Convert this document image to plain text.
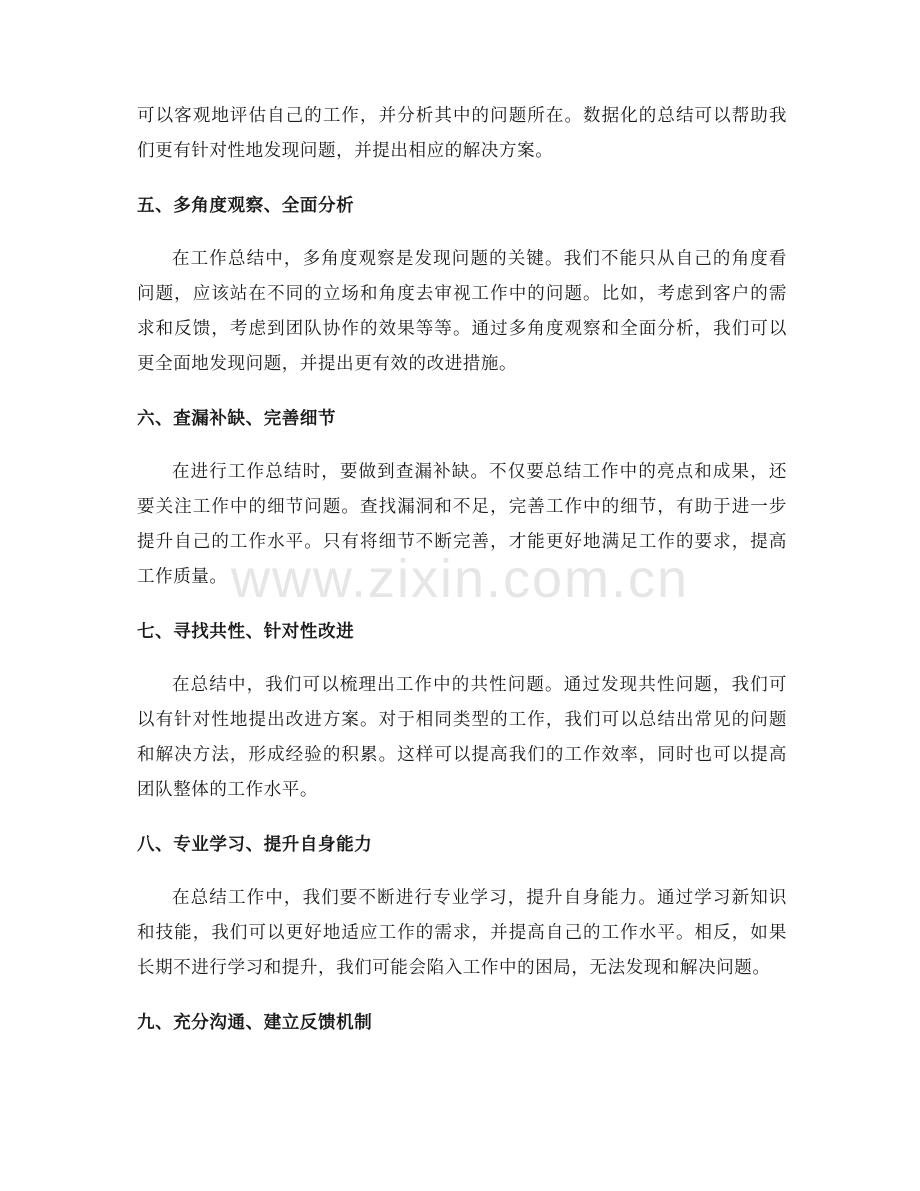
可以客观地评估自己的工作，并分析其中的问题所在。数据化的总结可以帮助我们更有针对性地发现问题，并提出相应的解决方案。

五、多角度观察、全面分析

在工作总结中，多角度观察是发现问题的关键。我们不能只从自己的角度看问题，应该站在不同的立场和角度去审视工作中的问题。比如，考虑到客户的需求和反馈，考虑到团队协作的效果等等。通过多角度观察和全面分析，我们可以更全面地发现问题，并提出更有效的改进措施。

六、查漏补缺、完善细节

在进行工作总结时，要做到查漏补缺。不仅要总结工作中的亮点和成果，还要关注工作中的细节问题。查找漏洞和不足，完善工作中的细节，有助于进一步提升自己的工作水平。只有将细节不断完善，才能更好地满足工作的要求，提高工作质量。

七、寻找共性、针对性改进

在总结中，我们可以梳理出工作中的共性问题。通过发现共性问题，我们可以有针对性地提出改进方案。对于相同类型的工作，我们可以总结出常见的问题和解决方法，形成经验的积累。这样可以提高我们的工作效率，同时也可以提高团队整体的工作水平。

八、专业学习、提升自身能力

在总结工作中，我们要不断进行专业学习，提升自身能力。通过学习新知识和技能，我们可以更好地适应工作的需求，并提高自己的工作水平。相反，如果长期不进行学习和提升，我们可能会陷入工作中的困局，无法发现和解决问题。

九、充分沟通、建立反馈机制
www.zixin.com.cn
